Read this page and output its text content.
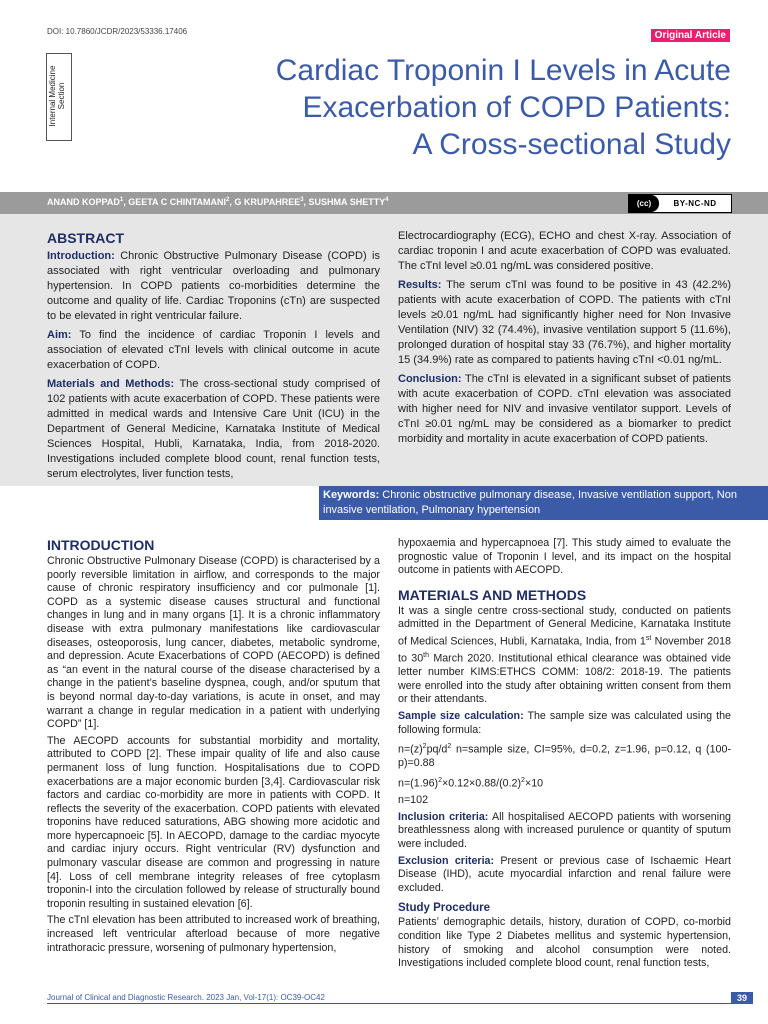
DOI: 10.7860/JCDR/2023/53336.17406	Original Article
Internal Medicine Section
Cardiac Troponin I Levels in Acute
Exacerbation of COPD Patients:
A Cross-sectional Study
ANAND KOPPAD$^1$, GEETA C CHINTAMANI$^2$, G KRUPAHREE$^3$, SUSHMA SHETTY$^4$	(cc)	BY-NC-ND
ABSTRACT

Introduction: Chronic Obstructive Pulmonary Disease (COPD) is associated with right ventricular overloading and pulmonary hypertension. In COPD patients co-morbidities determine the outcome and quality of life. Cardiac Troponins (cTn) are suspected to be elevated in right ventricular failure.

Aim: To find the incidence of cardiac Troponin I levels and association of elevated cTnI levels with clinical outcome in acute exacerbation of COPD.

Materials and Methods: The cross-sectional study comprised of 102 patients with acute exacerbation of COPD. These patients were admitted in medical wards and Intensive Care Unit (ICU) in the Department of General Medicine, Karnataka Institute of Medical Sciences Hospital, Hubli, Karnataka, India, from 2018-2020. Investigations included complete blood count, renal function tests, serum electrolytes, liver function tests,

Electrocardiography (ECG), ECHO and chest X-ray. Association of cardiac troponin I and acute exacerbation of COPD was evaluated. The cTnI level ≥0.01 ng/mL was considered positive.

Results: The serum cTnI was found to be positive in 43 (42.2%) patients with acute exacerbation of COPD. The patients with cTnI levels ≥0.01 ng/mL had significantly higher need for Non Invasive Ventilation (NIV) 32 (74.4%), invasive ventilation support 5 (11.6%), prolonged duration of hospital stay 33 (76.7%), and higher mortality 15 (34.9%) rate as compared to patients having cTnI <0.01 ng/mL.

Conclusion: The cTnI is elevated in a significant subset of patients with acute exacerbation of COPD. cTnI elevation was associated with higher need for NIV and invasive ventilator support. Levels of cTnI ≥0.01 ng/mL may be considered as a biomarker to predict morbidity and mortality in acute exacerbation of COPD patients.

Keywords: Chronic obstructive pulmonary disease, Invasive ventilation support, Non invasive ventilation, Pulmonary hypertension
INTRODUCTION

Chronic Obstructive Pulmonary Disease (COPD) is characterised by a poorly reversible limitation in airflow, and corresponds to the major cause of chronic respiratory insufficiency and cor pulmonale [1]. COPD as a systemic disease causes structural and functional changes in lung and in many organs [1]. It is a chronic inflammatory disease with extra pulmonary manifestations like cardiovascular diseases, osteoporosis, lung cancer, diabetes, metabolic syndrome, and depression. Acute Exacerbations of COPD (AECOPD) is defined as “an event in the natural course of the disease characterised by a change in the patient’s baseline dyspnea, cough, and/or sputum that is beyond normal day-to-day variations, is acute in onset, and may warrant a change in regular medication in a patient with underlying COPD” [1].

The AECOPD accounts for substantial morbidity and mortality, attributed to COPD [2]. These impair quality of life and also cause permanent loss of lung function. Hospitalisations due to COPD exacerbations are a major economic burden [3,4]. Cardiovascular risk factors and cardiac co-morbidity are more in patients with COPD. It reflects the severity of the exacerbation. COPD patients with elevated troponins have reduced saturations, ABG showing more acidotic and more hypercapnoeic [5]. In AECOPD, damage to the cardiac myocyte and cardiac injury occurs. Right ventricular (RV) dysfunction and pulmonary vascular disease are common and progressing in nature [4]. Loss of cell membrane integrity releases of free cytoplasm troponin-I into the circulation followed by release of structurally bound troponin resulting in sustained elevation [6].

The cTnI elevation has been attributed to increased work of breathing, increased left ventricular afterload because of more negative intrathoracic pressure, worsening of pulmonary hypertension,

hypoxaemia and hypercapnoea [7]. This study aimed to evaluate the prognostic value of Troponin I level, and its impact on the hospital outcome in patients with AECOPD.

MATERIALS AND METHODS

It was a single centre cross-sectional study, conducted on patients admitted in the Department of General Medicine, Karnataka Institute of Medical Sciences, Hubli, Karnataka, India, from 1st November 2018 to 30th March 2020. Institutional ethical clearance was obtained vide letter number KIMS:ETHCS COMM: 108/2: 2018-19. The patients were enrolled into the study after obtaining written consent from them or their attendants.

Sample size calculation: The sample size was calculated using the following formula:

$n=(z)^2pq/d^2$ n=sample size, CI=95%, d=0.2, z=1.96, p=0.12, q (100-p)=0.88

$n=(1.96)^2\times 0.12\times 0.88/(0.2)^2\times 10$

n=102

Inclusion criteria: All hospitalised AECOPD patients with worsening breathlessness along with increased purulence or quantity of sputum were included.

Exclusion criteria: Present or previous case of Ischaemic Heart Disease (IHD), acute myocardial infarction and renal failure were excluded.

Study Procedure

Patients’ demographic details, history, duration of COPD, co-morbid condition like Type 2 Diabetes mellitus and systemic hypertension, history of smoking and alcohol consumption were noted. Investigations included complete blood count, renal function tests,

Journal of Clinical and Diagnostic Research. 2023 Jan, Vol-17(1): OC39-OC42	39
